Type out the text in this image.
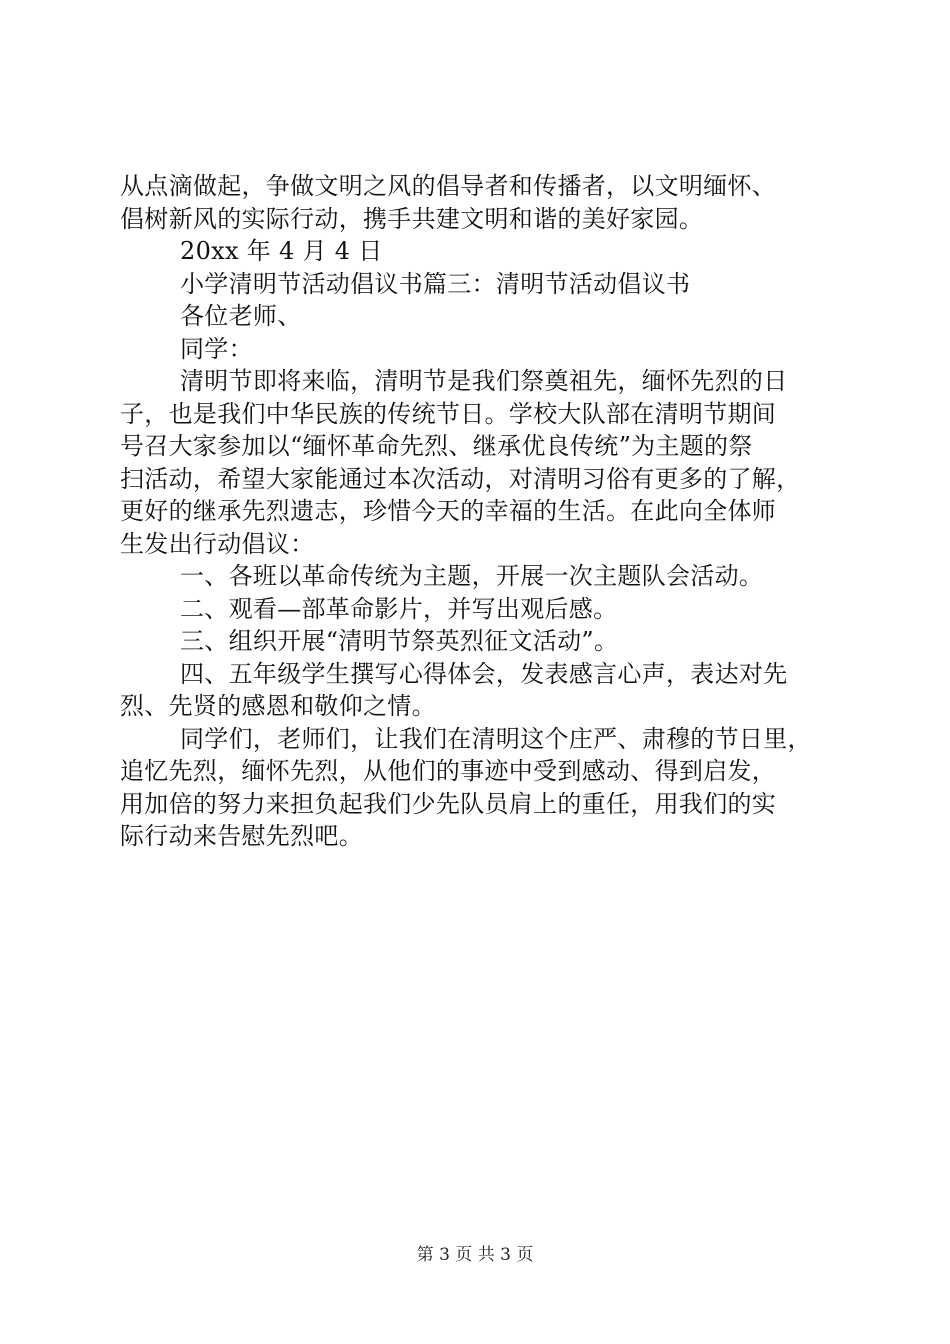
从点滴做起，争做文明之风的倡导者和传播者，以文明缅怀、
倡树新风的实际行动，携手共建文明和谐的美好家园。
20xx 年 4 月 4 日
小学清明节活动倡议书篇三：清明节活动倡议书
各位老师、
同学：
清明节即将来临，清明节是我们祭奠祖先，缅怀先烈的日
子，也是我们中华民族的传统节日。学校大队部在清明节期间
号召大家参加以“缅怀革命先烈、继承优良传统”为主题的祭
扫活动，希望大家能通过本次活动，对清明习俗有更多的了解，
更好的继承先烈遗志，珍惜今天的幸福的生活。在此向全体师
生发出行动倡议：
一、各班以革命传统为主题，开展一次主题队会活动。
二、观看—部革命影片，并写出观后感。
三、组织开展“清明节祭英烈征文活动”。
四、五年级学生撰写心得体会，发表感言心声，表达对先
烈、先贤的感恩和敬仰之情。
同学们，老师们，让我们在清明这个庄严、肃穆的节日里，
追忆先烈，缅怀先烈，从他们的事迹中受到感动、得到启发，
用加倍的努力来担负起我们少先队员肩上的重任，用我们的实
际行动来告慰先烈吧。
第 3 页 共 3 页
